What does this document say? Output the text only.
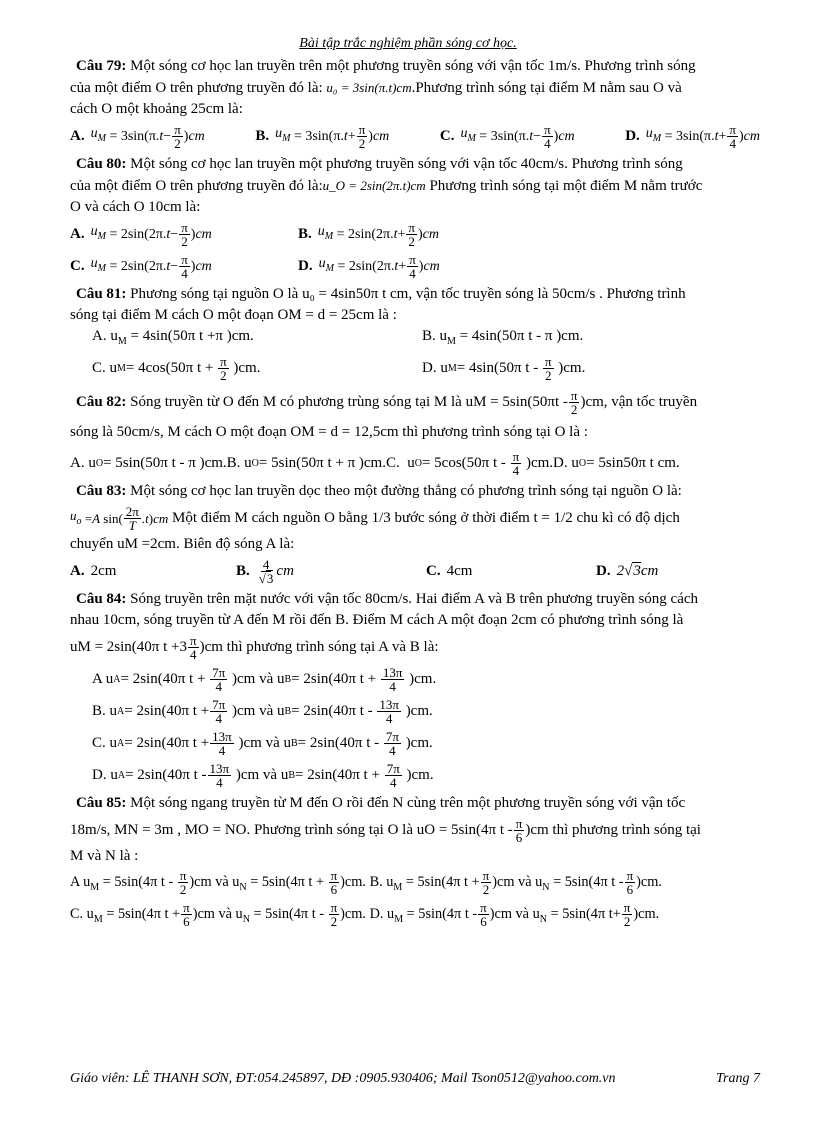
Bài tập trắc nghiệm phần sóng cơ học.
Câu 79: Một sóng cơ học lan truyền trên một phương truyền sóng với vận tốc 1m/s. Phương trình sóng
của một điểm O trên phương truyền đó là: u₀ = 3sin(π.t)cm.Phương trình sóng tại điểm M nằm sau O và
cách O một khoảng 25cm là:
A. $u_M = 3\sin(\pi$. $t - \frac{\pi}{2}$ ) cm	B. $u_M = 3\sin(\pi$. $t + \frac{\pi}{2}$ ) cm	C. $u_M = 3\sin(\pi$. $t - \frac{\pi}{4}$ ) cm	D. $u_M = 3\sin(\pi$. $t + \frac{\pi}{4}$ ) cm
Câu 80: Một sóng cơ học lan truyền một phương truyền sóng với vận tốc 40cm/s. Phương trình sóng
của một điểm O trên phương truyền đó là:u_O = 2sin(2π.t)cm Phương trình sóng tại một điểm M nằm trước
O và cách O 10cm là:
A. $u_M = 2\sin(2\pi$. $t - \frac{\pi}{2}$ ) cm	B. $u_M = 2\sin(2\pi$. $t + \frac{\pi}{2}$ ) cm
C. $u_M = 2\sin(2\pi$. $t - \frac{\pi}{4}$ ) cm	D. $u_M = 2\sin(2\pi$. $t + \frac{\pi}{4}$ ) cm
Câu 81: Phương sóng tại nguồn O là u₀ = 4sin50π t cm, vận tốc truyền sóng là 50cm/s . Phương trình
sóng tại điểm M cách O một đoạn OM = d = 25cm là :
A. $u_M = 4\sin(50\pi$ t +π )cm.	B. $u_M = 4\sin(50\pi$ t - π )cm.
C. u M = 4cos(50π $t + \frac{\pi}{2} )cm$.	D. u M = 4sin(50π t - $\frac{\pi}{2} )cm$.
Câu 82:
Sóng truyền từ O đến M có phương trùng sóng tại M là uM = $5\sin(50\pi t - \frac{\pi}{2} )cm$, vận tốc truyền
sóng là 50cm/s, M cách O một đoạn OM = d = 12,5cm thì phương trình sóng tại O là :
A. u O = 5sin(50π t - π )cm.B. u O = 5sin(50π t + π )cm.C.  u O = 5cos(50π t - $\frac{\pi}{4} )cm.D$. u O = 5sin50π t cm.
Câu 83: Một sóng cơ học lan truyền dọc theo một đường thẳng có phương trình sóng tại nguồn O là:
$u_o = A$ $\sin( \frac{2\pi}{T} .t$ ) cm
Một điểm M cách nguồn O bằng 1/3 bước sóng ở thời điểm t = 1/2 chu kì có độ dịch
chuyển uM =2cm. Biên độ sóng A là:
A. 2cm	B. $\frac{4}{√3}$ cm	C. 4cm	D. 2√3cm
Câu 84: Sóng truyền trên mặt nước với vận tốc 80cm/s. Hai điểm A và B trên phương truyền sóng cách
nhau 10cm, sóng truyền từ A đến M rồi đến B. Điểm M cách A một đoạn 2cm có phương trình sóng là
uM = 2sin(40π $t +3 \frac{\pi}{4} )cm$ thì phương trình sóng tại A và B là:
A u A = 2sin(40π $t + \frac{7\pi}{4} )cm$ và u B = 2sin(40π $t + \frac{13\pi}{4} )cm$.
B. u A = 2sin(40π $t + \frac{7\pi}{4} )cm$ và u B = 2sin(40π t - $\frac{13\pi}{4} )cm$.
C. u A = 2sin(40π $t + \frac{13\pi}{4} )cm$ và u B = 2sin(40π t - $\frac{7\pi}{4} )cm$.
D. u A = 2sin(40π t - $\frac{13\pi}{4} )cm$ và u B = 2sin(40π $t + \frac{7\pi}{4} )cm$.
Câu 85: Một sóng ngang truyền từ M đến O rồi đến N cùng trên một phương truyền sóng với vận tốc
18m/s, MN = 3m , MO = NO. Phương trình sóng tại O là uO = 5sin(4π t - $\frac{\pi}{6} )cm$ thì phương trình sóng tại
M và N là :
A $u_M = 5\sin(4\pi$ t - $\frac{\pi}{2} )cm$ và $u_N = 5\sin(4\pi$ $t + \frac{\pi}{6} )cm$.
B. $u_M = 5\sin(4\pi$ $t + \frac{\pi}{2} )cm$ và $u_N = 5\sin(4\pi$ t - $\frac{\pi}{6} )cm$.
C. $u_M = 5\sin(4\pi$ $t + \frac{\pi}{6} )cm$ và $u_N = 5\sin(4\pi$ t - $\frac{\pi}{2} )cm$.
D. $u_M = 5\sin(4\pi$ t - $\frac{\pi}{6} )cm$ và $u_N = 5\sin(4\pi$ $t+ \frac{\pi}{2} )cm$.
Giáo viên: LÊ THANH SƠN, ĐT:054.245897, DĐ :0905.930406; Mail Tson0512@yahoo.com.vn	Trang 7
